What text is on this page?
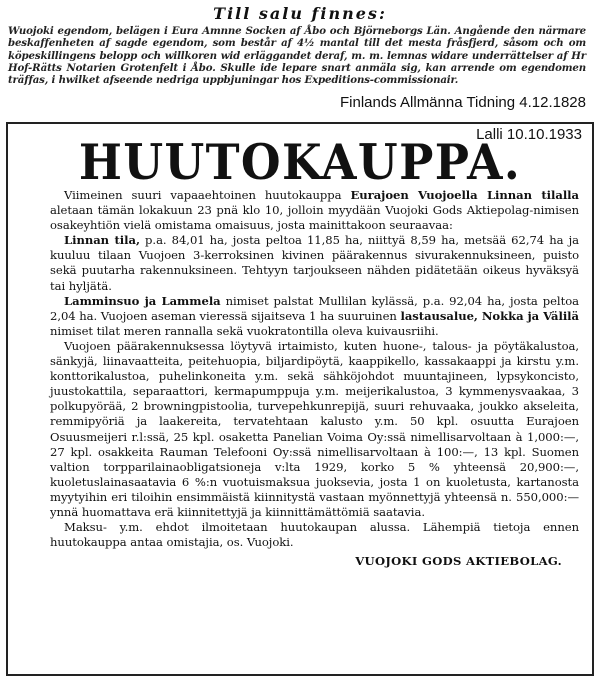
Till salu finnes:
Wuojoki egendom, belägen i Eura Amnne Socken af Åbo och Björneborgs Län. Angående den närmare beskaffenheten af sagde egendom, som består af 4½ mantal till det mesta fråsfjerd, såsom och om köpeskillingens belopp och willkoren wid erläggandet deraf, m. m. lemnas widare underrättelser af Hr Hof-Rätts Notarien Grotenfelt i Åbo. Skulle ide lepare snart anmäla sig, kan arrende om egendomen träffas, i hwilket afseende nedriga uppbjuningar hos Expeditions-commissionair.
Finlands Allmänna Tidning 4.12.1828
Lalli 10.10.1933
HUUTOKAUPPA.

Viimeinen suuri vapaaehtoinen huutokauppa Eurajoen Vuojoella Linnan tilalla aletaan tämän lokakuun 23 pnä klo 10, jolloin myydään Vuojoki Gods Aktiepolag-nimisen osakeyhtiön vielä omistama omaisuus, josta mainittakoon seuraavaa:

Linnan tila, p.a. 84,01 ha, josta peltoa 11,85 ha, niittyä 8,59 ha, metsää 62,74 ha ja kuuluu tilaan Vuojoen 3-kerroksinen kivinen päärakennus sivurakennuksineen, puisto sekä puutarha rakennuksineen. Tehtyyn tarjoukseen nähden pidätetään oikeus hyväksyä tai hyljätä.

Lamminsuo ja Lammela nimiset palstat Mullilan kylässä, p.a. 92,04 ha, josta peltoa 2,04 ha. Vuojoen aseman vieressä sijaitseva 1 ha suuruinen lastausalue, Nokka ja Välilä nimiset tilat meren rannalla sekä vuokratontilla oleva kuivausriihi.

Vuojoen päärakennuksessa löytyvä irtaimisto, kuten huone-, talous- ja pöytäkalustoa, sänkyjä, liinavaatteita, peitehuopia, biljardipöytä, kaappikello, kassakaappi ja kirstu y.m. konttorikalustoa, puhelinkoneita y.m. sekä sähköjohdot muuntajineen, lypsykoncisto, juustokattila, separaattori, kermapumppuja y.m. meijerikalustoa, 3 kymmenysvaakaa, 3 polkupyörää, 2 browningpistoolia, turvepehkunrepijä, suuri rehuvaaka, joukko akseleita, remmipyöriä ja laakereita, tervatehtaan kalusto y.m. 50 kpl. osuutta Eurajoen Osuusmeijeri r.l:ssä, 25 kpl. osaketta Panelian Voima Oy:ssä nimellisarvoltaan à 1,000:—, 27 kpl. osakkeita Rauman Telefooni Oy:ssä nimellisarvoltaan à 100:—, 13 kpl. Suomen valtion torpparilainaobligatsioneja v:lta 1929, korko 5 % yhteensä 20,900:—, kuoletuslainasaatavia 6 %:n vuotuismaksua juoksevia, josta 1 on kuoletusta, kartanosta myytyihin eri tiloihin ensimmäistä kiinnitystä vastaan myönnettyjä yhteensä n. 550,000:— ynnä huomattava erä kiinnitettyjä ja kiinnittämättömiä saatavia.

Maksu- y.m. ehdot ilmoitetaan huutokaupan alussa. Lähempiä tietoja ennen huutokauppa antaa omistajia, os. Vuojoki.

VUOJOKI GODS AKTIEBOLAG.
